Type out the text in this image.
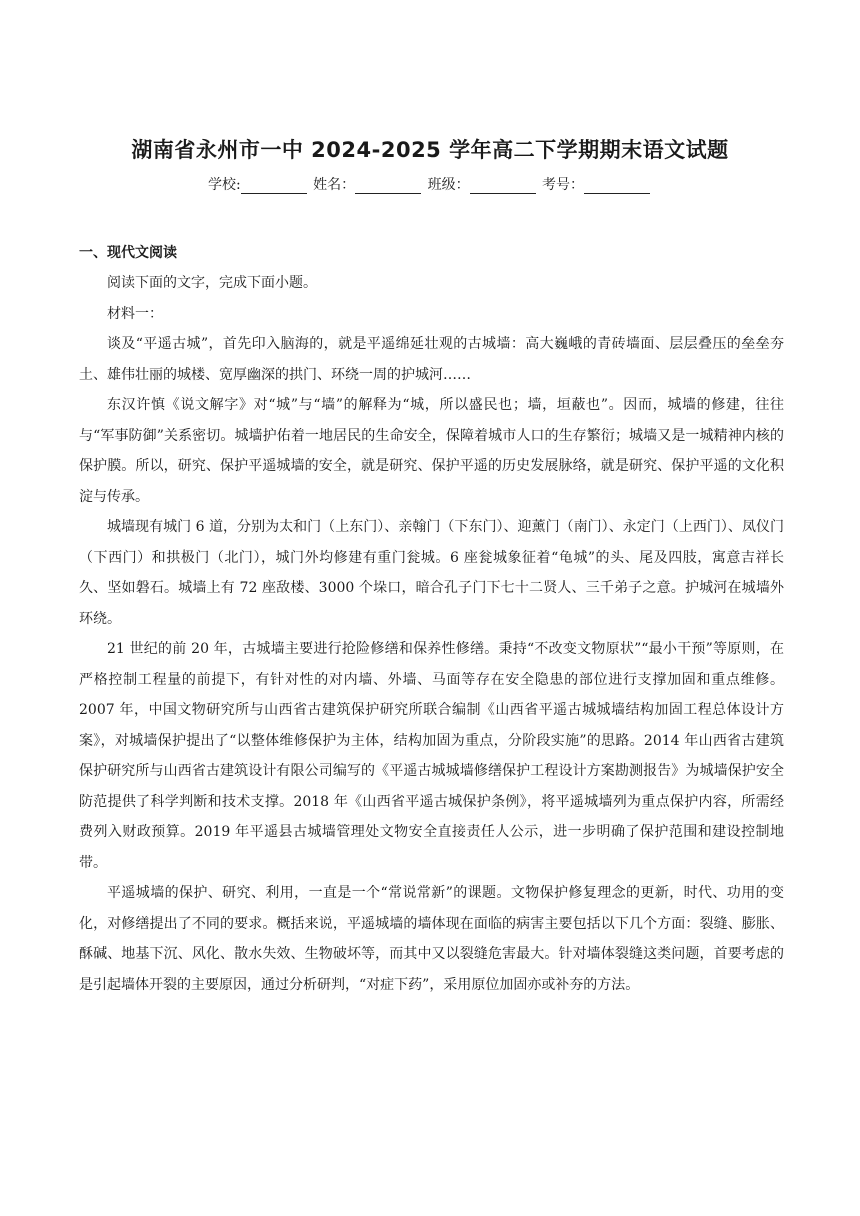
湖南省永州市一中 2024-2025 学年高二下学期期末语文试题
学校:	姓名：	班级：	考号：
一、现代文阅读

阅读下面的文字，完成下面小题。

材料一：

谈及“平遥古城”，首先印入脑海的，就是平遥绵延壮观的古城墙：高大巍峨的青砖墙面、层层叠压的垒垒夯土、雄伟壮丽的城楼、宽厚幽深的拱门、环绕一周的护城河……

东汉许慎《说文解字》对“城”与“墙”的解释为“城，所以盛民也；墙，垣蔽也”。因而，城墙的修建，往往与“军事防御”关系密切。城墙护佑着一地居民的生命安全，保障着城市人口的生存繁衍；城墙又是一城精神内核的保护膜。所以，研究、保护平遥城墙的安全，就是研究、保护平遥的历史发展脉络，就是研究、保护平遥的文化积淀与传承。

城墙现有城门 6 道，分别为太和门（上东门）、亲翰门（下东门）、迎薰门（南门）、永定门（上西门）、凤仪门（下西门）和拱极门（北门），城门外均修建有重门瓮城。6 座瓮城象征着“龟城”的头、尾及四肢，寓意吉祥长久、坚如磐石。城墙上有 72 座敌楼、3000 个垛口，暗合孔子门下七十二贤人、三千弟子之意。护城河在城墙外环绕。

21 世纪的前 20 年，古城墙主要进行抢险修缮和保养性修缮。秉持“不改变文物原状”“最小干预”等原则，在严格控制工程量的前提下，有针对性的对内墙、外墙、马面等存在安全隐患的部位进行支撑加固和重点维修。2007 年，中国文物研究所与山西省古建筑保护研究所联合编制《山西省平遥古城城墙结构加固工程总体设计方案》，对城墙保护提出了“以整体维修保护为主体，结构加固为重点，分阶段实施”的思路。2014 年山西省古建筑保护研究所与山西省古建筑设计有限公司编写的《平遥古城城墙修缮保护工程设计方案勘测报告》为城墙保护安全防范提供了科学判断和技术支撑。2018 年《山西省平遥古城保护条例》，将平遥城墙列为重点保护内容，所需经费列入财政预算。2019 年平遥县古城墙管理处文物安全直接责任人公示，进一步明确了保护范围和建设控制地带。

平遥城墙的保护、研究、利用，一直是一个“常说常新”的课题。文物保护修复理念的更新，时代、功用的变化，对修缮提出了不同的要求。概括来说，平遥城墙的墙体现在面临的病害主要包括以下几个方面：裂缝、膨胀、酥碱、地基下沉、风化、散水失效、生物破坏等，而其中又以裂缝危害最大。针对墙体裂缝这类问题，首要考虑的是引起墙体开裂的主要原因，通过分析研判，“对症下药”，采用原位加固亦或补夯的方法。
